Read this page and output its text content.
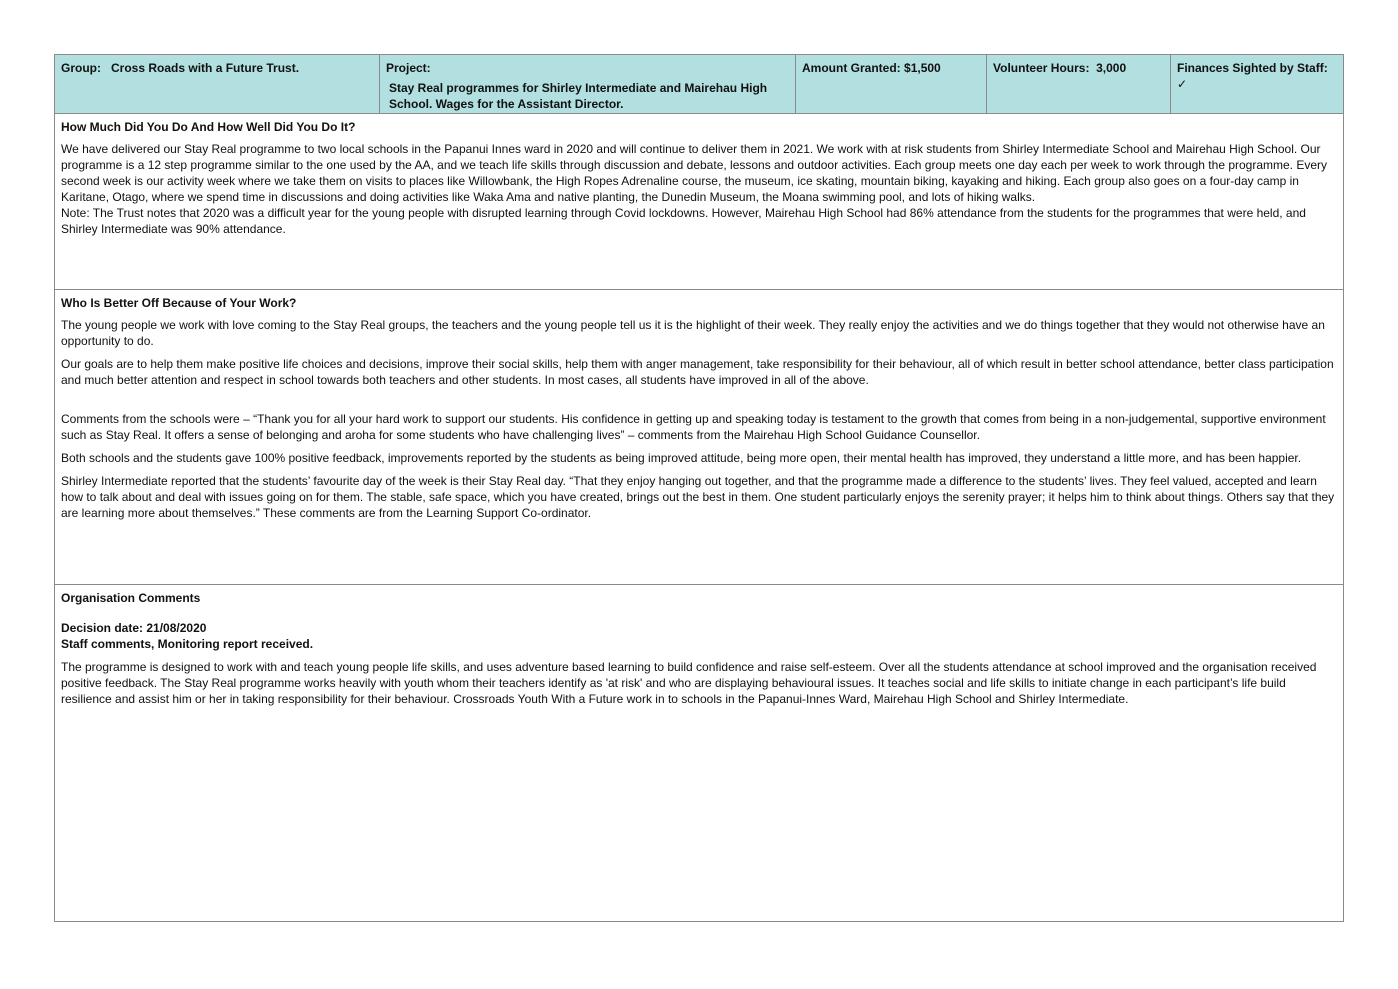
Group: Cross Roads with a Future Trust.	Project:
Stay Real programmes for Shirley Intermediate and Mairehau High School. Wages for the Assistant Director.
Amount Granted: $1,500	Volunteer Hours: 3,000	Finances Sighted by Staff: ✓

How Much Did You Do And How Well Did You Do It?

We have delivered our Stay Real programme to two local schools in the Papanui Innes ward in 2020 and will continue to deliver them in 2021. We work with at risk students from Shirley Intermediate School and Mairehau High School. Our programme is a 12 step programme similar to the one used by the AA, and we teach life skills through discussion and debate, lessons and outdoor activities. Each group meets one day each per week to work through the programme. Every second week is our activity week where we take them on visits to places like Willowbank, the High Ropes Adrenaline course, the museum, ice skating, mountain biking, kayaking and hiking. Each group also goes on a four-day camp in Karitane, Otago, where we spend time in discussions and doing activities like Waka Ama and native planting, the Dunedin Museum, the Moana swimming pool, and lots of hiking walks.

Note: The Trust notes that 2020 was a difficult year for the young people with disrupted learning through Covid lockdowns. However, Mairehau High School had 86% attendance from the students for the programmes that were held, and Shirley Intermediate was 90% attendance.

Who Is Better Off Because of Your Work?

The young people we work with love coming to the Stay Real groups, the teachers and the young people tell us it is the highlight of their week. They really enjoy the activities and we do things together that they would not otherwise have an opportunity to do.

Our goals are to help them make positive life choices and decisions, improve their social skills, help them with anger management, take responsibility for their behaviour, all of which result in better school attendance, better class participation and much better attention and respect in school towards both teachers and other students. In most cases, all students have improved in all of the above.

Comments from the schools were – “Thank you for all your hard work to support our students. His confidence in getting up and speaking today is testament to the growth that comes from being in a non-judgemental, supportive environment such as Stay Real. It offers a sense of belonging and aroha for some students who have challenging lives” – comments from the Mairehau High School Guidance Counsellor.

Both schools and the students gave 100% positive feedback, improvements reported by the students as being improved attitude, being more open, their mental health has improved, they understand a little more, and has been happier.

Shirley Intermediate reported that the students’ favourite day of the week is their Stay Real day. “That they enjoy hanging out together, and that the programme made a difference to the students’ lives. They feel valued, accepted and learn how to talk about and deal with issues going on for them. The stable, safe space, which you have created, brings out the best in them. One student particularly enjoys the serenity prayer; it helps him to think about things. Others say that they are learning more about themselves.” These comments are from the Learning Support Co-ordinator.

Organisation Comments

Decision date: 21/08/2020

Staff comments, Monitoring report received.

The programme is designed to work with and teach young people life skills, and uses adventure based learning to build confidence and raise self-esteem. Over all the students attendance at school improved and the organisation received positive feedback. The Stay Real programme works heavily with youth whom their teachers identify as 'at risk' and who are displaying behavioural issues. It teaches social and life skills to initiate change in each participant’s life build resilience and assist him or her in taking responsibility for their behaviour. Crossroads Youth With a Future work in to schools in the Papanui-Innes Ward, Mairehau High School and Shirley Intermediate.
